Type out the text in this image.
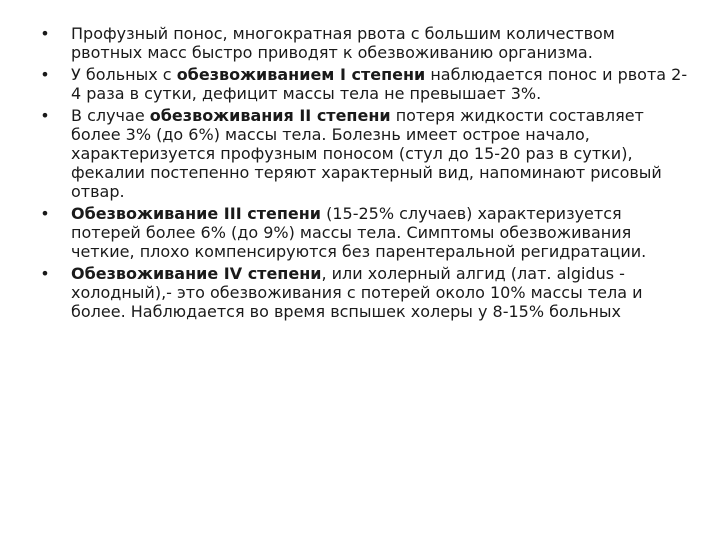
• Профузный понос, многократная рвота с большим количеством рвотных масс быстро приводят к обезвоживанию организма.
• У больных с обезвоживанием I степени наблюдается понос и рвота 2-4 раза в сутки, дефицит массы тела не превышает 3%.
• В случае обезвоживания II степени потеря жидкости составляет более 3% (до 6%) массы тела. Болезнь имеет острое начало, характеризуется профузным поносом (стул до 15-20 раз в сутки), фекалии постепенно теряют характерный вид, напоминают рисовый отвар.
• Обезвоживание III степени (15-25% случаев) характеризуется потерей более 6% (до 9%) массы тела. Симптомы обезвоживания четкие, плохо компенсируются без парентеральной регидратации.
• Обезвоживание IV степени, или холерный алгид (лат. algidus - холодный),- это обезвоживания с потерей около 10% массы тела и более. Наблюдается во время вспышек холеры у 8-15% больных
